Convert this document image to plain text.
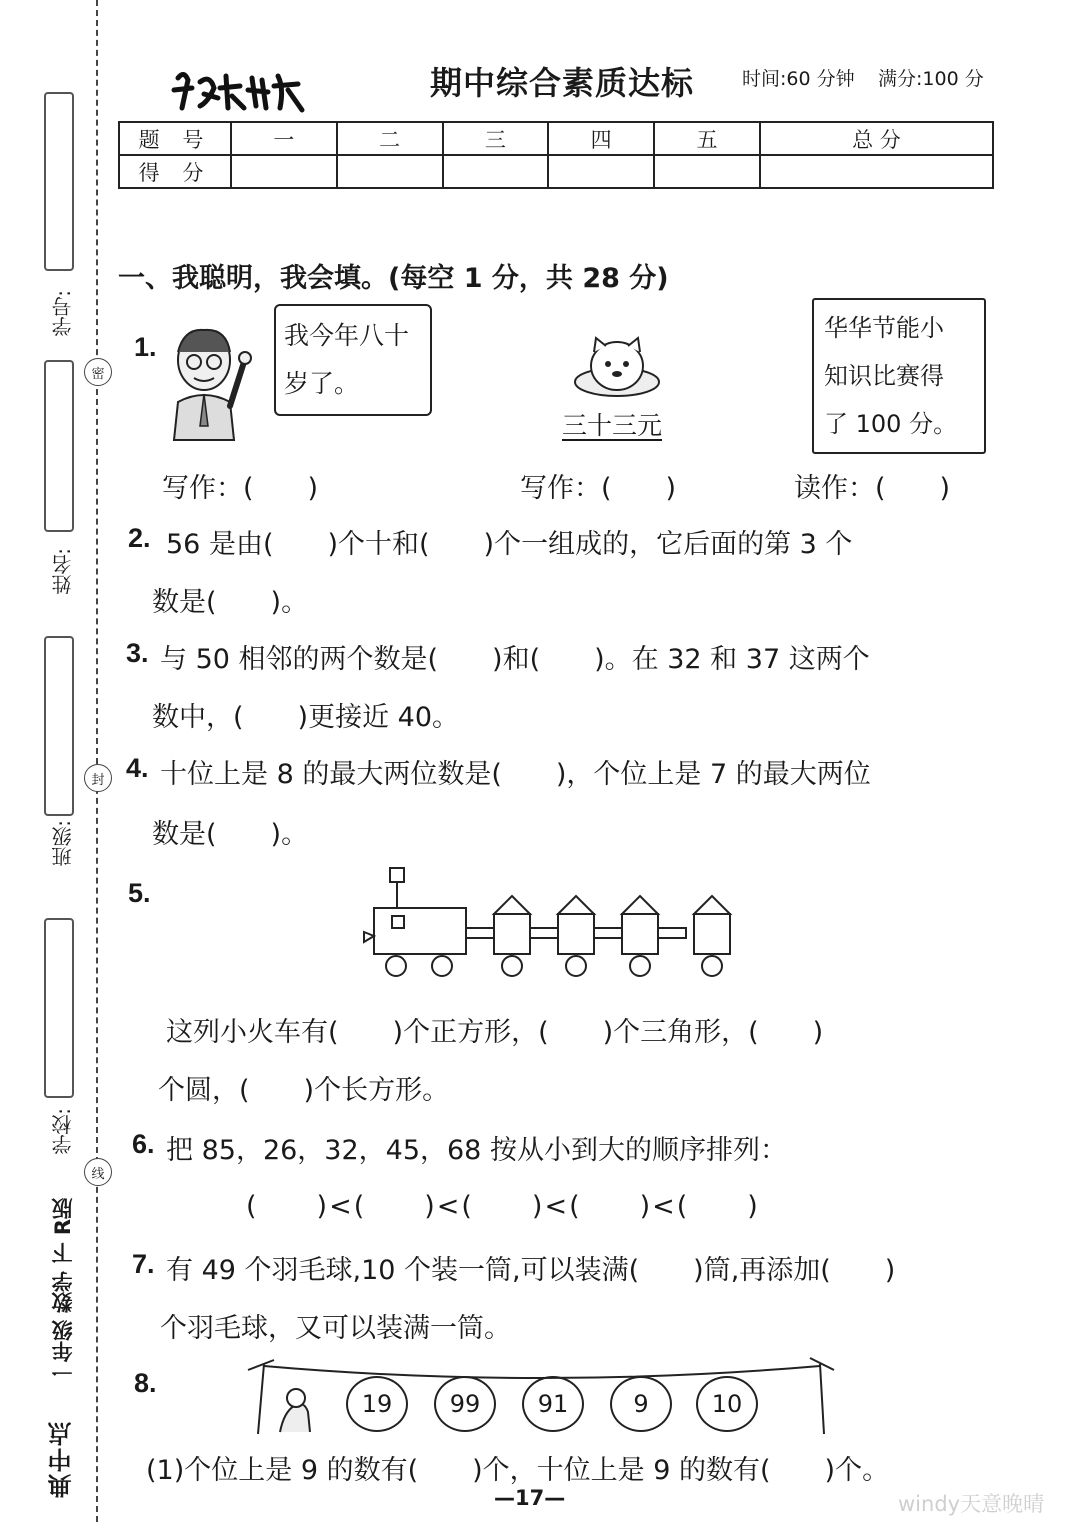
学号:
姓名:
班级:
学校:
密
封
线
一年级 数学 下 R版
典中点
期中综合素质达标	时间:60 分钟 满分:100 分
题 号	一	二	三	四	五	总 分
得 分						
一、我聪明，我会填。(每空 1 分，共 28 分)
1.	我今年八十
岁了。
三十三元
华华节能小
知识比赛得
了 100 分。
写作：(　　)	写作：(　　)	读作：(　　)
2. 56 是由(　　)个十和(　　)个一组成的，它后面的第 3 个
数是(　　)。
3. 与 50 相邻的两个数是(　　)和(　　)。在 32 和 37 这两个
数中，(　　)更接近 40。
4. 十位上是 8 的最大两位数是(　　)，个位上是 7 的最大两位
数是(　　)。
5.
这列小火车有(　　)个正方形，(　　)个三角形，(　　)
个圆，(　　)个长方形。
6. 把 85，26，32，45，68 按从小到大的顺序排列：
(　　)<(　　)<(　　)<(　　)<(　　)
7. 有 49 个羽毛球,10 个装一筒,可以装满(　　)筒,再添加(　　)
个羽毛球，又可以装满一筒。
8.
19	99	91	9	10
(1)个位上是 9 的数有(　　)个，十位上是 9 的数有(　　)个。
—17—	windy天意晚晴
